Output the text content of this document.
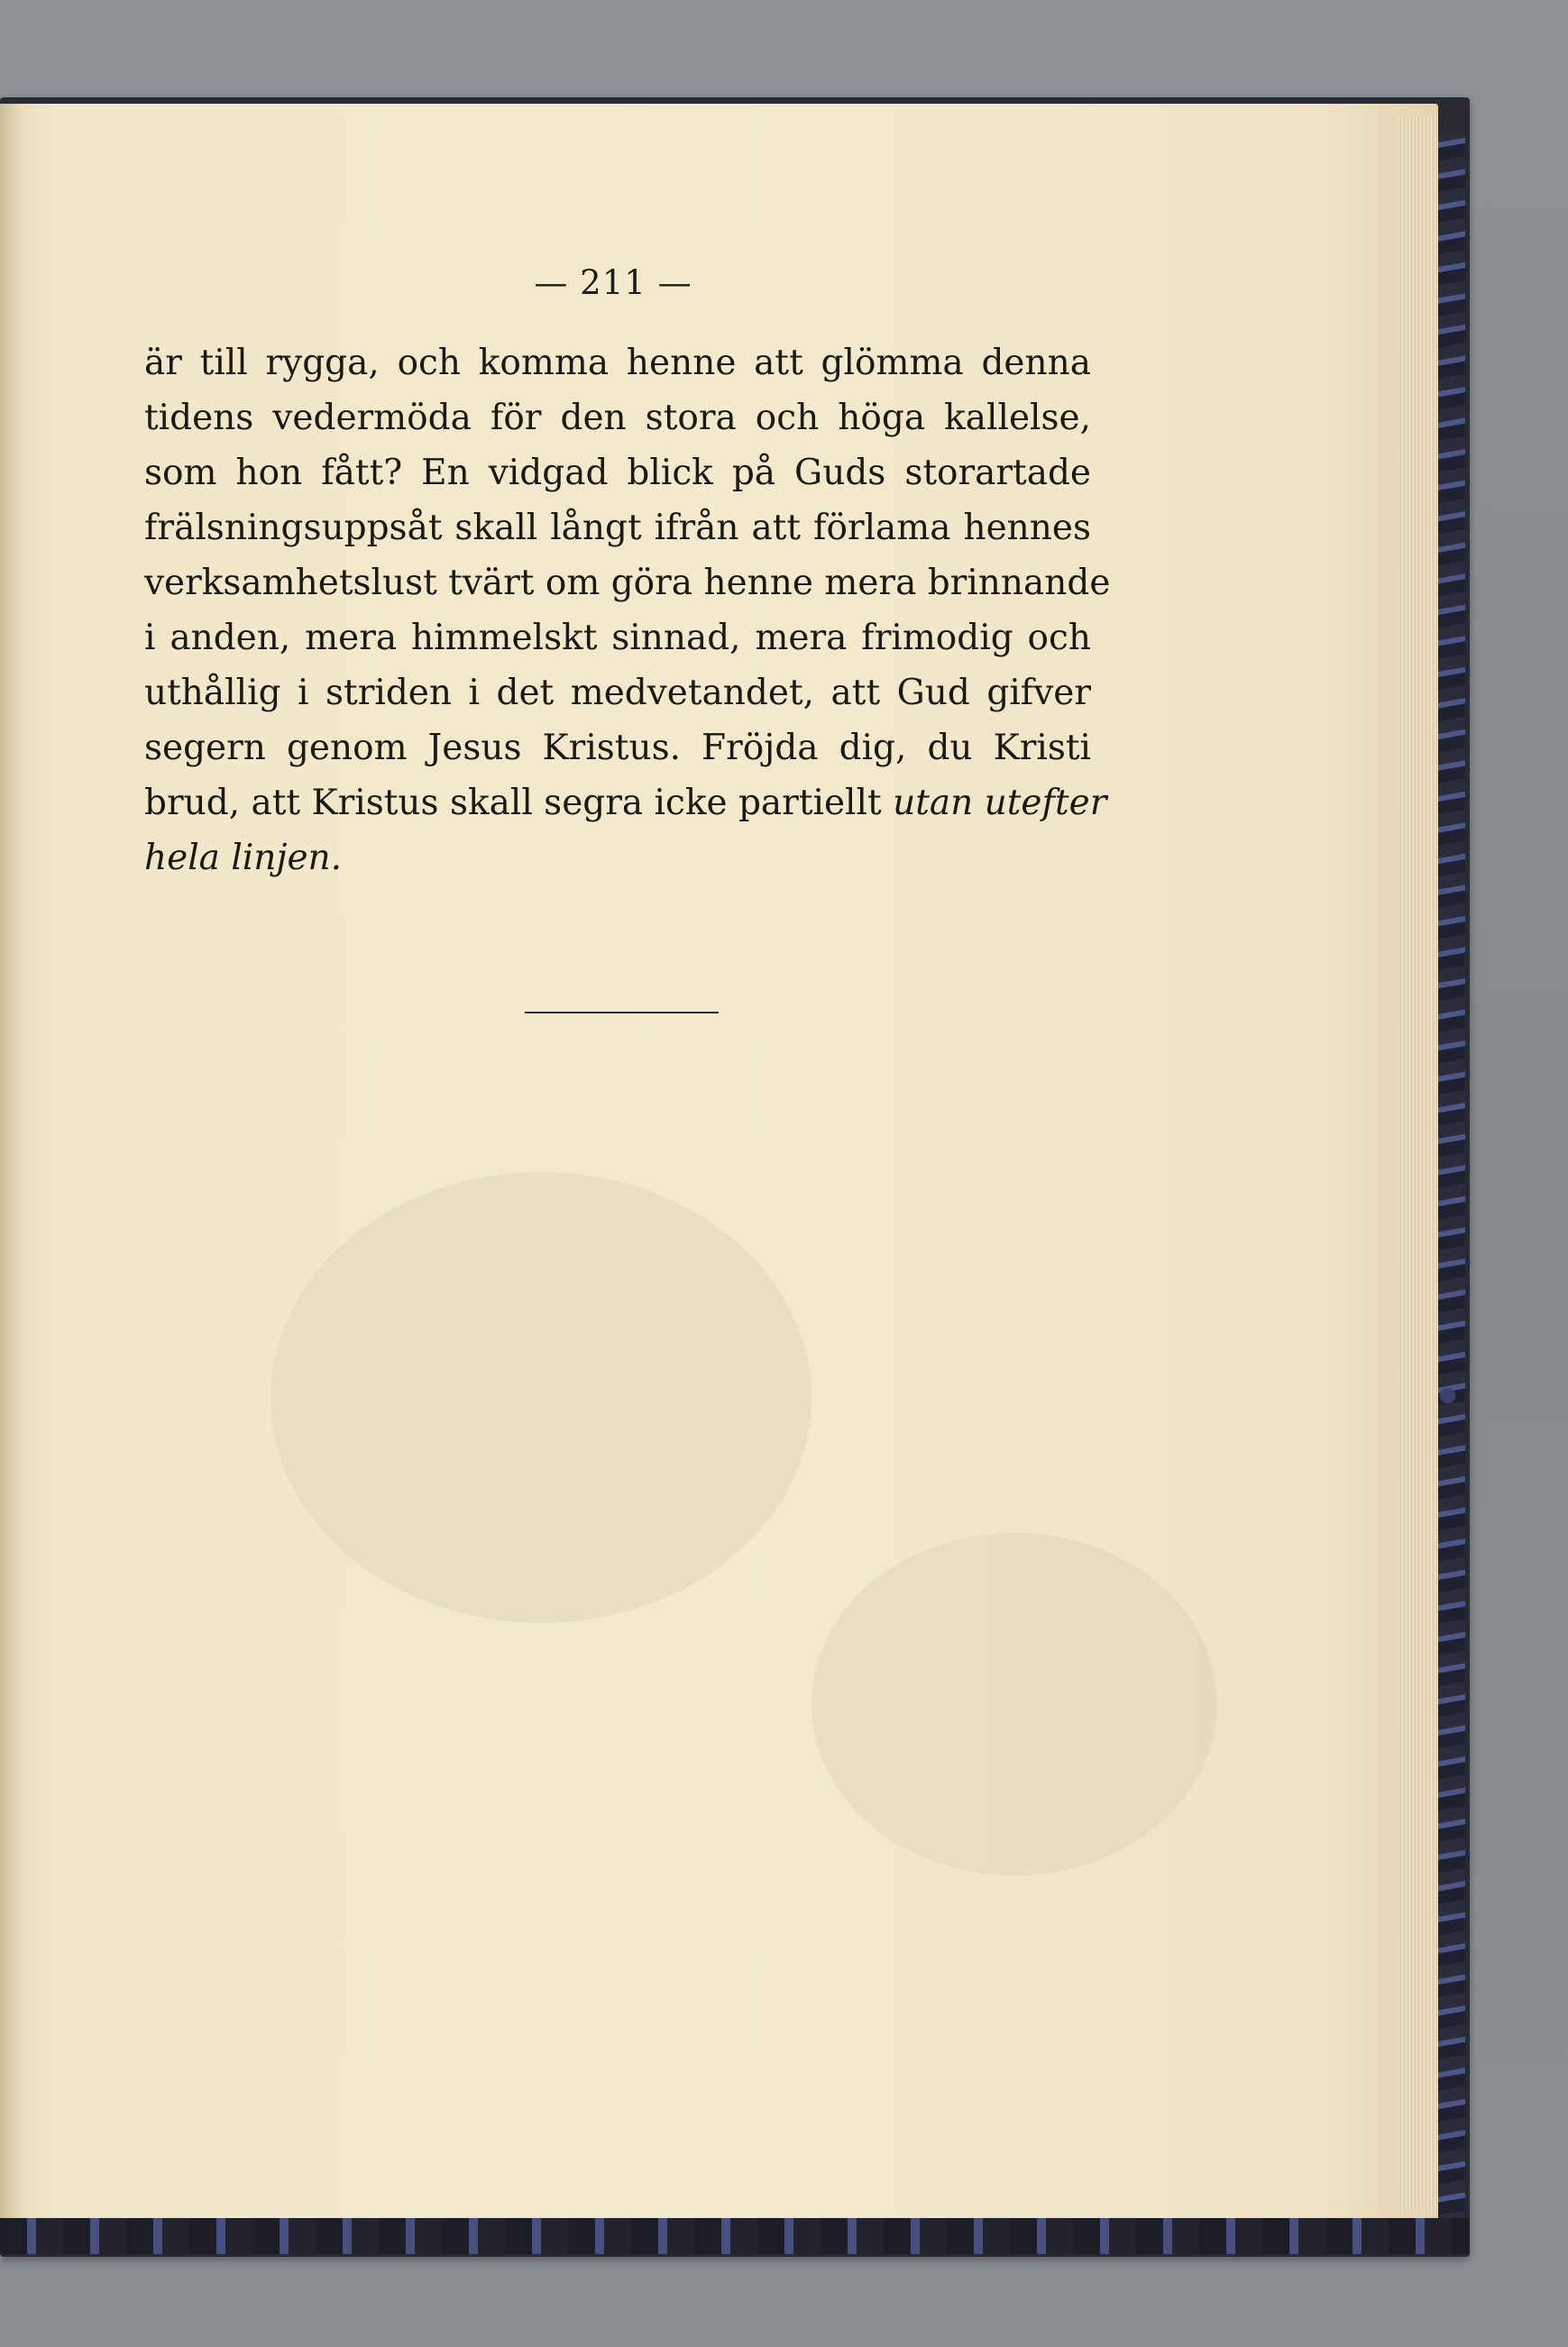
— 211 —
är till rygga, och komma henne att glömma denna
tidens vedermöda för den stora och höga kallelse,
som hon fått? En vidgad blick på Guds storartade
frälsningsuppsåt skall långt ifrån att förlama hennes
verksamhetslust tvärt om göra henne mera brinnande
i anden, mera himmelskt sinnad, mera frimodig och
uthållig i striden i det medvetandet, att Gud gifver
segern genom Jesus Kristus. Fröjda dig, du Kristi
brud, att Kristus skall segra icke partiellt utan utefter
hela linjen.
